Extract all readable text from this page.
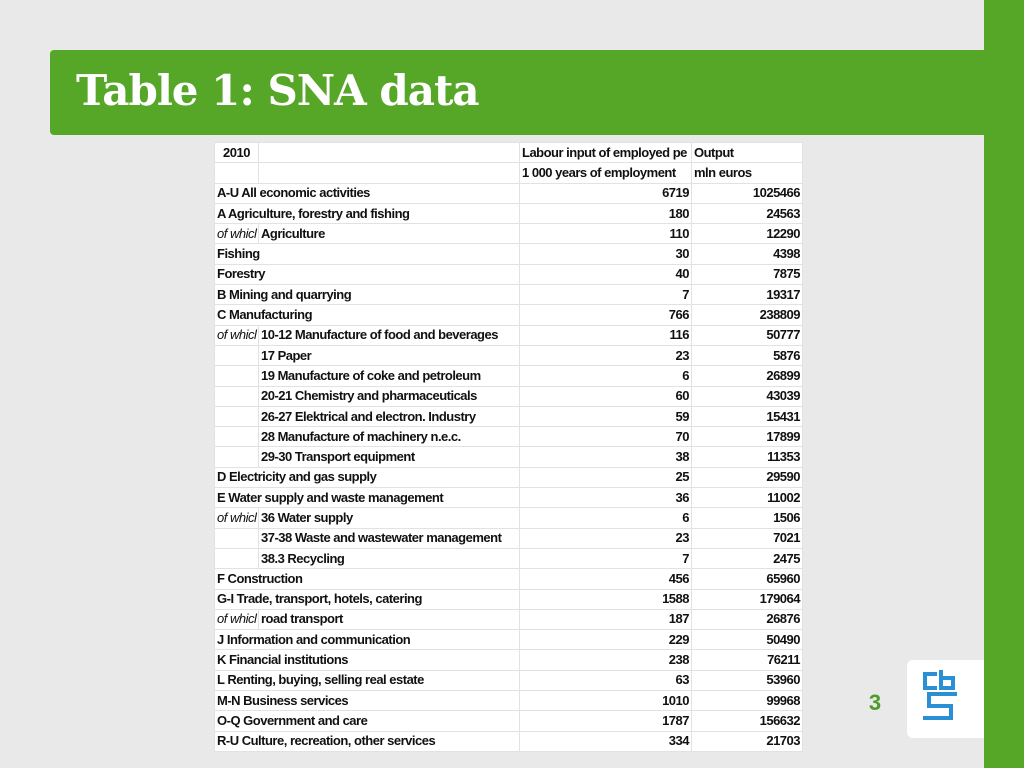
Table 1: SNA data
2010		Labour input of employed pe	Output
		1 000 years of employment	mln euros
A-U All economic activities		6719	1025466
A Agriculture, forestry and fishing		180	24563
of whicl	Agriculture	110	12290
Fishing		30	4398
Forestry		40	7875
B Mining and quarrying		7	19317
C Manufacturing		766	238809
of whicl	10-12 Manufacture of food and beverages	116	50777
	17 Paper	23	5876
	19 Manufacture of coke and petroleum	6	26899
	20-21 Chemistry and pharmaceuticals	60	43039
	26-27 Elektrical and electron. Industry	59	15431
	28 Manufacture of machinery n.e.c.	70	17899
	29-30 Transport equipment	38	11353
D Electricity and gas supply		25	29590
E Water supply and waste management		36	11002
of whicl	36 Water supply	6	1506
	37-38 Waste and wastewater management	23	7021
	38.3 Recycling	7	2475
F Construction		456	65960
G-I Trade, transport, hotels, catering		1588	179064
of whicl	road transport	187	26876
J Information and communication		229	50490
K Financial institutions		238	76211
L Renting, buying, selling real estate		63	53960
M-N Business services		1010	99968
O-Q Government and care		1787	156632
R-U Culture, recreation, other services		334	21703

3
